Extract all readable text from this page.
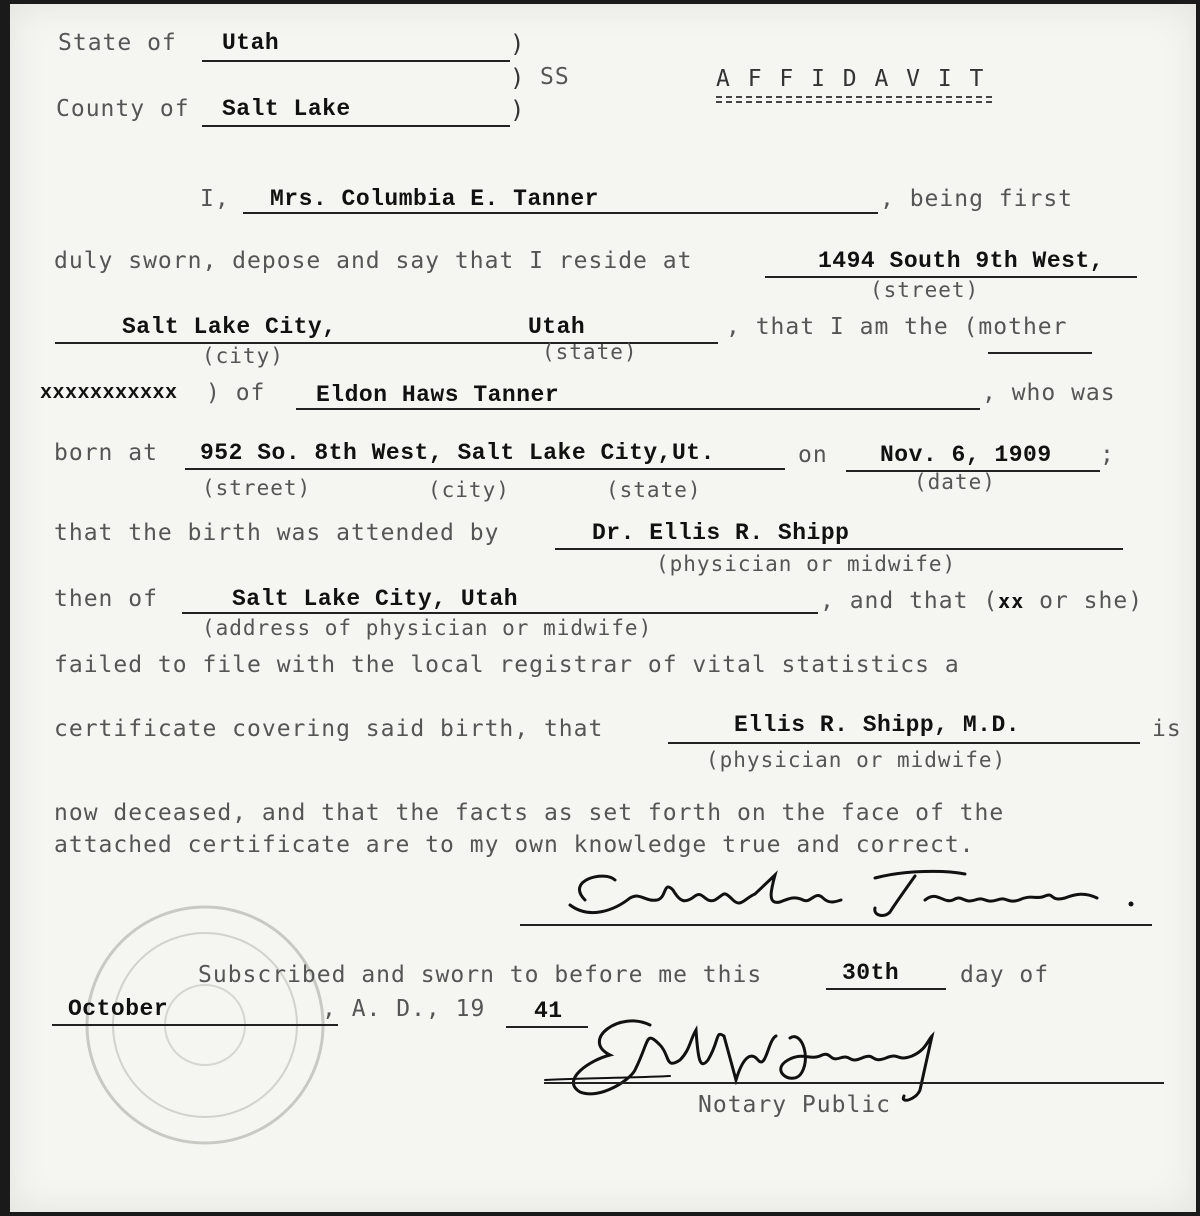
State of Utah	)
) SS	A F F I D A V I T
County of Salt Lake	)
I, Mrs. Columbia E. Tanner	, being first
duly sworn, depose and say that I reside at	1494 South 9th West,
(street)
Salt Lake City,	Utah	, that I am the (mother
(city)	(state)
xxxxxxxxxxx ) of Eldon Haws Tanner	, who was
born at 952 So. 8th West, Salt Lake City,Ut.	on Nov. 6, 1909 ;
(street)	(city)	(state)	(date)
that the birth was attended by	Dr. Ellis R. Shipp
(physician or midwife)
then of	Salt Lake City, Utah	, and that (xx or she)
(address of physician or midwife)
failed to file with the local registrar of vital statistics a
certificate covering said birth, that	Ellis R. Shipp, M.D.	is
(physician or midwife)
now deceased, and that the facts as set forth on the face of the
attached certificate are to my own knowledge true and correct.
Subscribed and sworn to before me this	30th	day of
October	, A. D., 19 41
Notary Public
